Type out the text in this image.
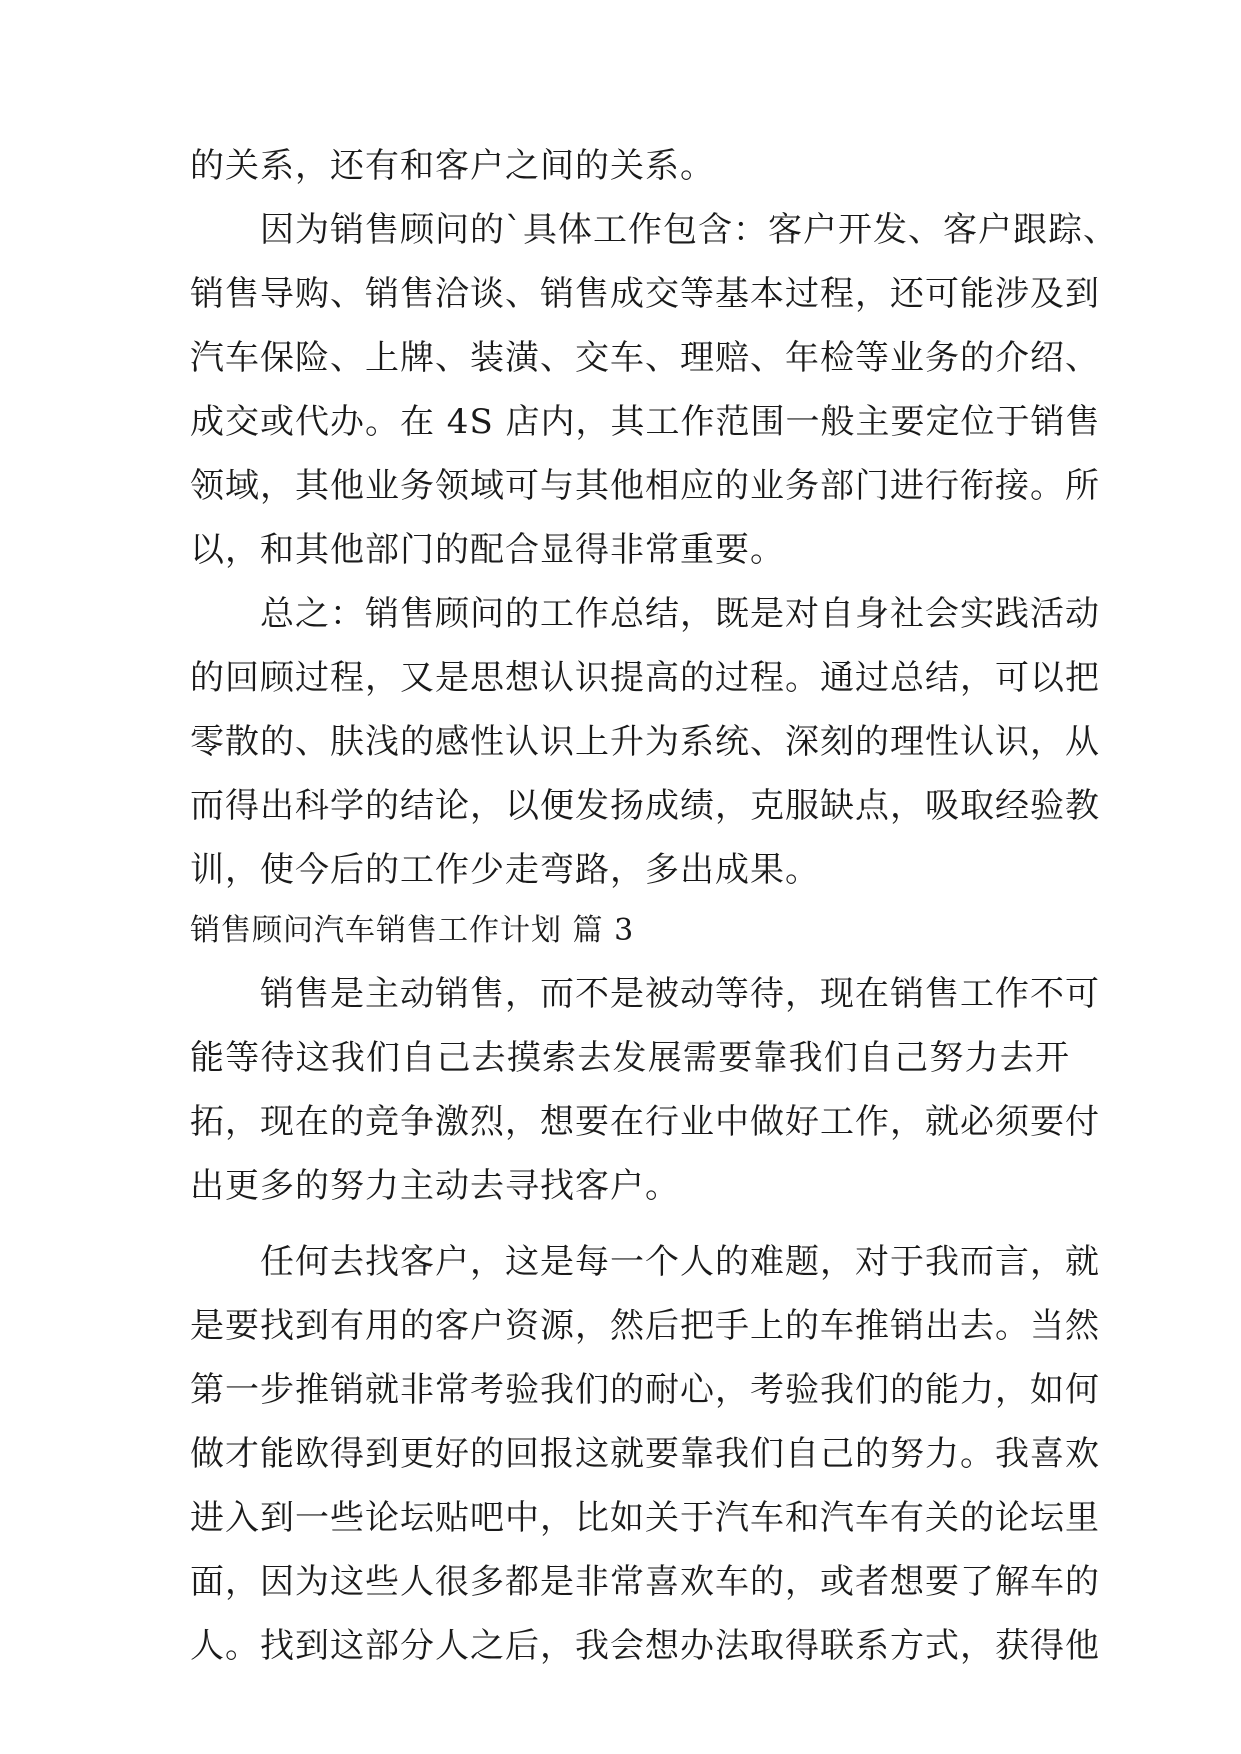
的关系，还有和客户之间的关系。
　　因为销售顾问的`具体工作包含：客户开发、客户跟踪、
销售导购、销售洽谈、销售成交等基本过程，还可能涉及到
汽车保险、上牌、装潢、交车、理赔、年检等业务的介绍、
成交或代办。在 4S 店内，其工作范围一般主要定位于销售
领域，其他业务领域可与其他相应的业务部门进行衔接。所
以，和其他部门的配合显得非常重要。
　　总之：销售顾问的工作总结，既是对自身社会实践活动
的回顾过程，又是思想认识提高的过程。通过总结，可以把
零散的、肤浅的感性认识上升为系统、深刻的理性认识，从
而得出科学的结论，以便发扬成绩，克服缺点，吸取经验教
训，使今后的工作少走弯路，多出成果。
销售顾问汽车销售工作计划 篇 3
　　销售是主动销售，而不是被动等待，现在销售工作不可
能等待这我们自己去摸索去发展需要靠我们自己努力去开
拓，现在的竞争激烈，想要在行业中做好工作，就必须要付
出更多的努力主动去寻找客户。
　　任何去找客户，这是每一个人的难题，对于我而言，就
是要找到有用的客户资源，然后把手上的车推销出去。当然
第一步推销就非常考验我们的耐心，考验我们的能力，如何
做才能欧得到更好的回报这就要靠我们自己的努力。我喜欢
进入到一些论坛贴吧中，比如关于汽车和汽车有关的论坛里
面，因为这些人很多都是非常喜欢车的，或者想要了解车的
人。找到这部分人之后，我会想办法取得联系方式，获得他
